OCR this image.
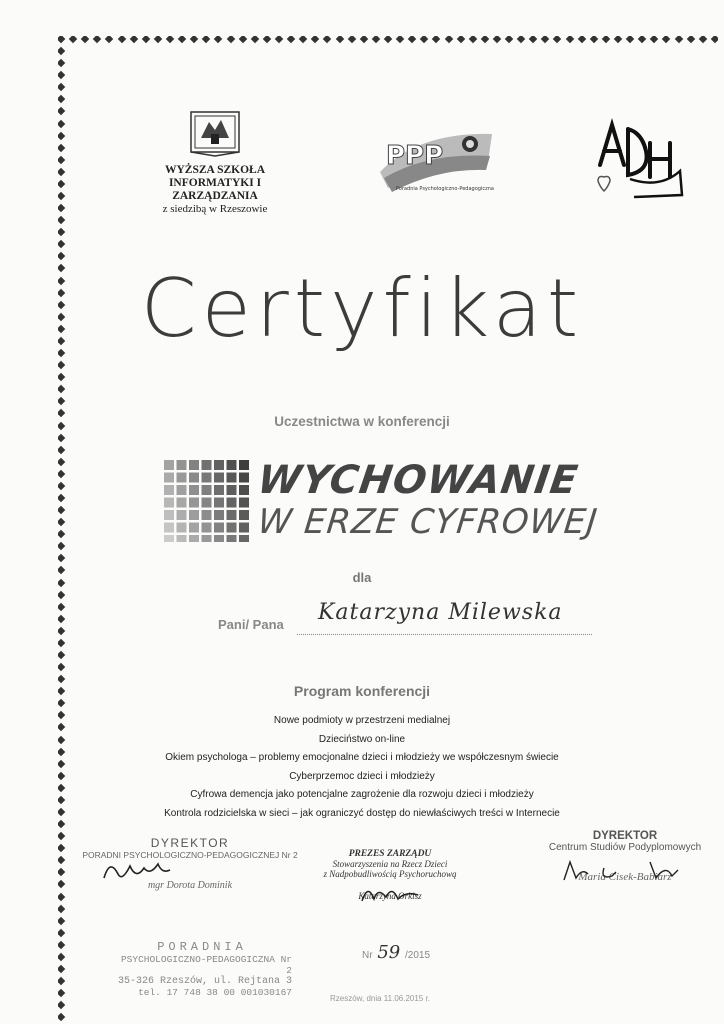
WYŻSZA SZKOŁA
INFORMATYKI I ZARZĄDZANIA
z siedzibą w Rzeszowie
PPP
Poradnia Psychologiczno-Pedagogiczna
Certyfikat
Uczestnictwa w konferencji
WYCHOWANIE
W ERZE CYFROWEJ
dla
Pani/ Pana Katarzyna Milewska
Program konferencji
Nowe podmioty w przestrzeni medialnej
Dzieciństwo on-line
Okiem psychologa – problemy emocjonalne dzieci i młodzieży we współczesnym świecie
Cyberprzemoc dzieci i młodzieży
Cyfrowa demencja jako potencjalne zagrożenie dla rozwoju dzieci i młodzieży
Kontrola rodzicielska w sieci – jak ograniczyć dostęp do niewłaściwych treści w Internecie
DYREKTOR
PORADNI PSYCHOLOGICZNO-PEDAGOGICZNEJ Nr 2
mgr Dorota Dominik
PREZES ZARZĄDU
Stowarzyszenia na Rzecz Dzieci
z Nadpobudliwością Psychoruchową
Katarzyna Orkisz
DYREKTOR
Centrum Studiów Podyplomowych
Maria Cisek-Babiarz
PORADNIA
PSYCHOLOGICZNO-PEDAGOGICZNA Nr 2
35-326 Rzeszów, ul. Rejtana 3
tel. 17 748 38 00 001030167
Nr 59 /2015
Rzeszów, dnia 11.06.2015 r.
